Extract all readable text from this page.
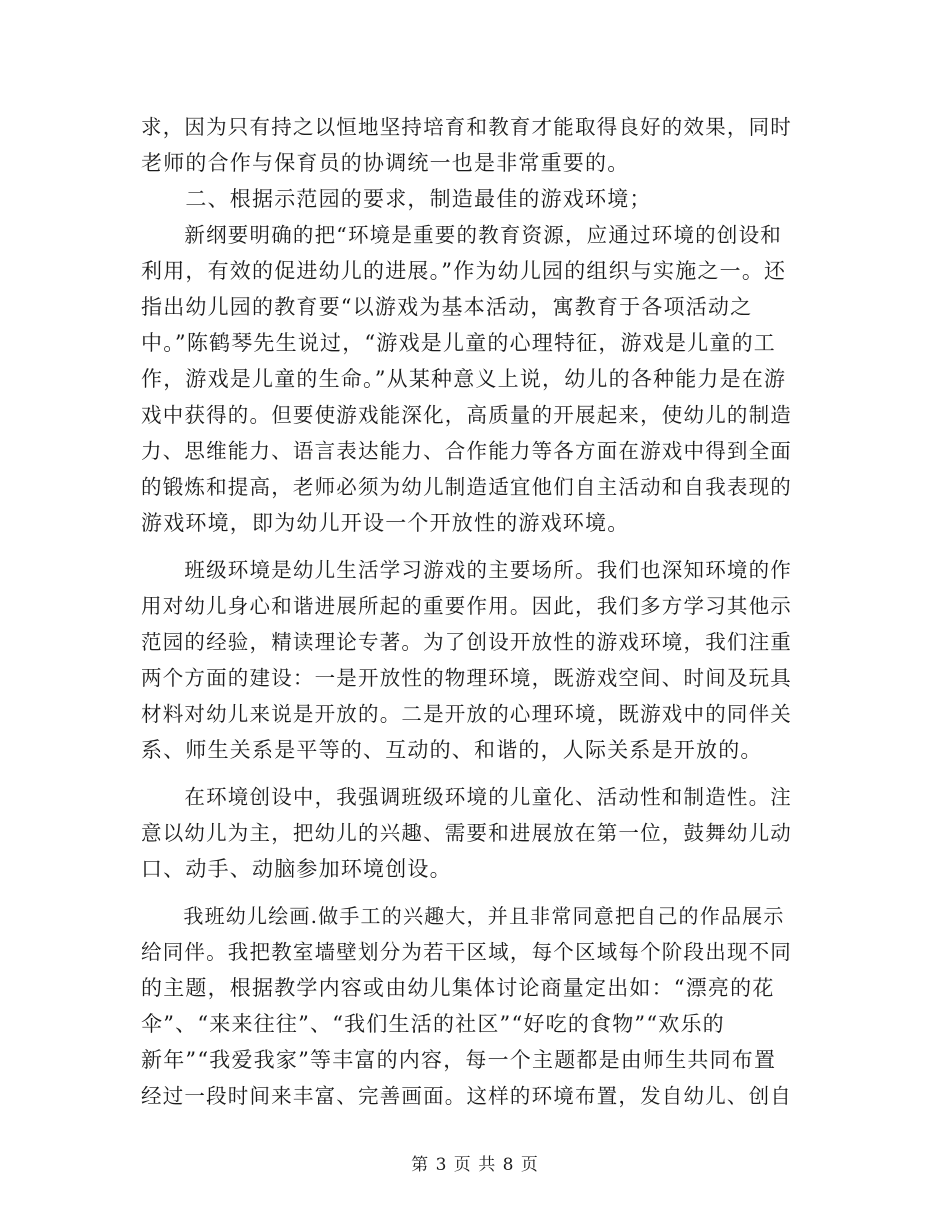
求，因为只有持之以恒地坚持培育和教育才能取得良好的效果，同时
老师的合作与保育员的协调统一也是非常重要的。
　　二、根据示范园的要求，制造最佳的游戏环境；
　　新纲要明确的把“环境是重要的教育资源，应通过环境的创设和
利用，有效的促进幼儿的进展。”作为幼儿园的组织与实施之一。还
指出幼儿园的教育要“以游戏为基本活动，寓教育于各项活动之
中。”陈鹤琴先生说过，“游戏是儿童的心理特征，游戏是儿童的工
作，游戏是儿童的生命。”从某种意义上说，幼儿的各种能力是在游
戏中获得的。但要使游戏能深化，高质量的开展起来，使幼儿的制造
力、思维能力、语言表达能力、合作能力等各方面在游戏中得到全面
的锻炼和提高，老师必须为幼儿制造适宜他们自主活动和自我表现的
游戏环境，即为幼儿开设一个开放性的游戏环境。
　　班级环境是幼儿生活学习游戏的主要场所。我们也深知环境的作
用对幼儿身心和谐进展所起的重要作用。因此，我们多方学习其他示
范园的经验，精读理论专著。为了创设开放性的游戏环境，我们注重
两个方面的建设：一是开放性的物理环境，既游戏空间、时间及玩具
材料对幼儿来说是开放的。二是开放的心理环境，既游戏中的同伴关
系、师生关系是平等的、互动的、和谐的，人际关系是开放的。
　　在环境创设中，我强调班级环境的儿童化、活动性和制造性。注
意以幼儿为主，把幼儿的兴趣、需要和进展放在第一位，鼓舞幼儿动
口、动手、动脑参加环境创设。
　　我班幼儿绘画.做手工的兴趣大，并且非常同意把自己的作品展示
给同伴。我把教室墙壁划分为若干区域，每个区域每个阶段出现不同
的主题，根据教学内容或由幼儿集体讨论商量定出如：“漂亮的花
伞”、“来来往往”、“我们生活的社区”“好吃的食物”“欢乐的
新年”“我爱我家”等丰富的内容，每一个主题都是由师生共同布置
经过一段时间来丰富、完善画面。这样的环境布置，发自幼儿、创自
第 3 页 共 8 页
